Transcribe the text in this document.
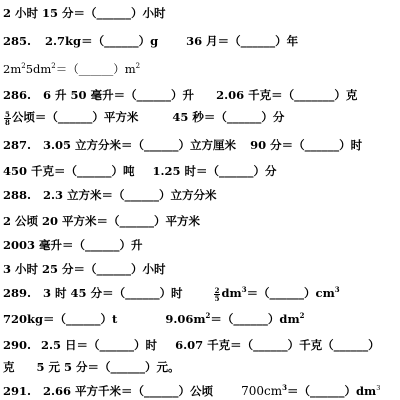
2 小时 15 分＝（______）小时
285. 2.7kg＝（______）g 36 月＝（______）年
$2m^25dm^2=(\_\_\_\_\_\_)m^2$
286. 6 升 50 毫升＝（______）升 2.06 千克＝（_______）克
$\frac{5}{8}$ 公顷＝（______）平方米	45 秒＝（______）分
287. 3.05 立方分米＝（______）立方厘米 90 分＝（______）时
450 千克＝（______）吨 1.25 时＝（______）分
288. 2.3 立方米＝（______）立方分米
2 公顷 20 平方米＝（______）平方米
2003 毫升＝（______）升
3 小时 25 分＝（______）小时
289. 3 时 45 分＝（______）时	$\frac{2}{5}$ $dm^3=(\_\_\_\_\_\_)cm^3$
720kg＝（______）t	$9.06m^2=(\_\_\_\_\_\_)dm^2$
290. 2.5 日＝（______）时 6.07 千克＝（______）千克（______）
克 5 元 5 分＝（______）元。
291. 2.66 平方千米＝（______）公顷 $700cm^3=(\_\_\_\_\_\_)dm^3$
